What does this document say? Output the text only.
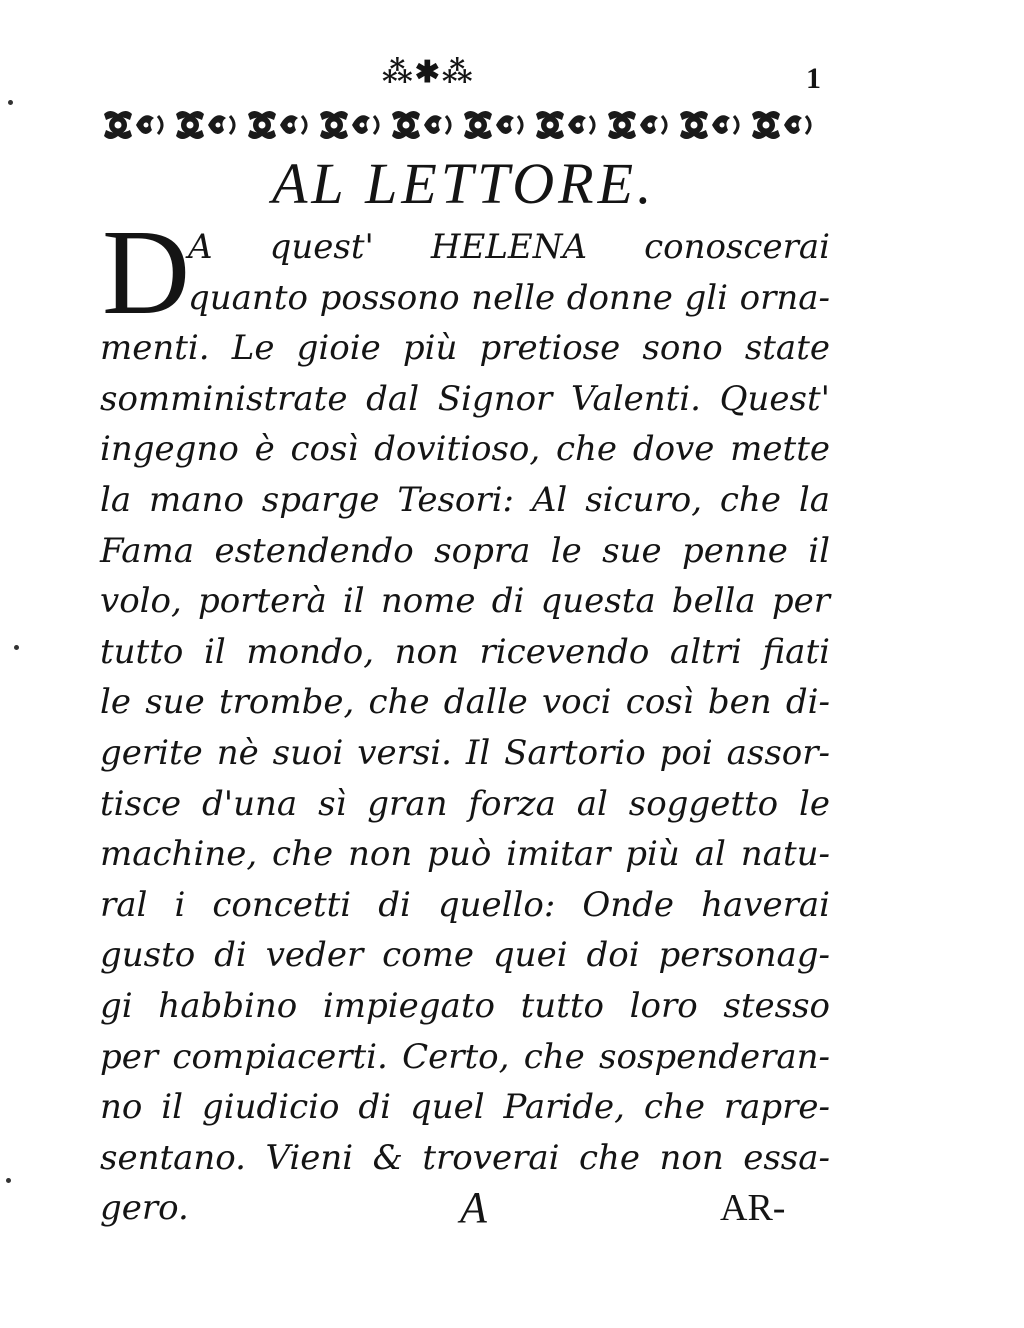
1
⁂✱⁂
AL LETTORE.
D
A quest' HELENA conoscerai
quanto possono nelle donne gli orna-
menti. Le gioie più pretiose sono state
somministrate dal Signor Valenti. Quest'
ingegno è così dovitioso, che dove mette
la mano sparge Tesori: Al sicuro, che la
Fama estendendo sopra le sue penne il
volo, porterà il nome di questa bella per
tutto il mondo, non ricevendo altri fiati
le sue trombe, che dalle voci così ben di-
gerite nè suoi versi. Il Sartorio poi assor-
tisce d'una sì gran forza al soggetto le
machine, che non può imitar più al natu-
ral i concetti di quello: Onde haverai
gusto di veder come quei doi personag-
gi habbino impiegato tutto loro stesso
per compiacerti. Certo, che sospenderan-
no il giudicio di quel Paride, che rapre-
sentano. Vieni & troverai che non essa-
gero.	A	AR-
